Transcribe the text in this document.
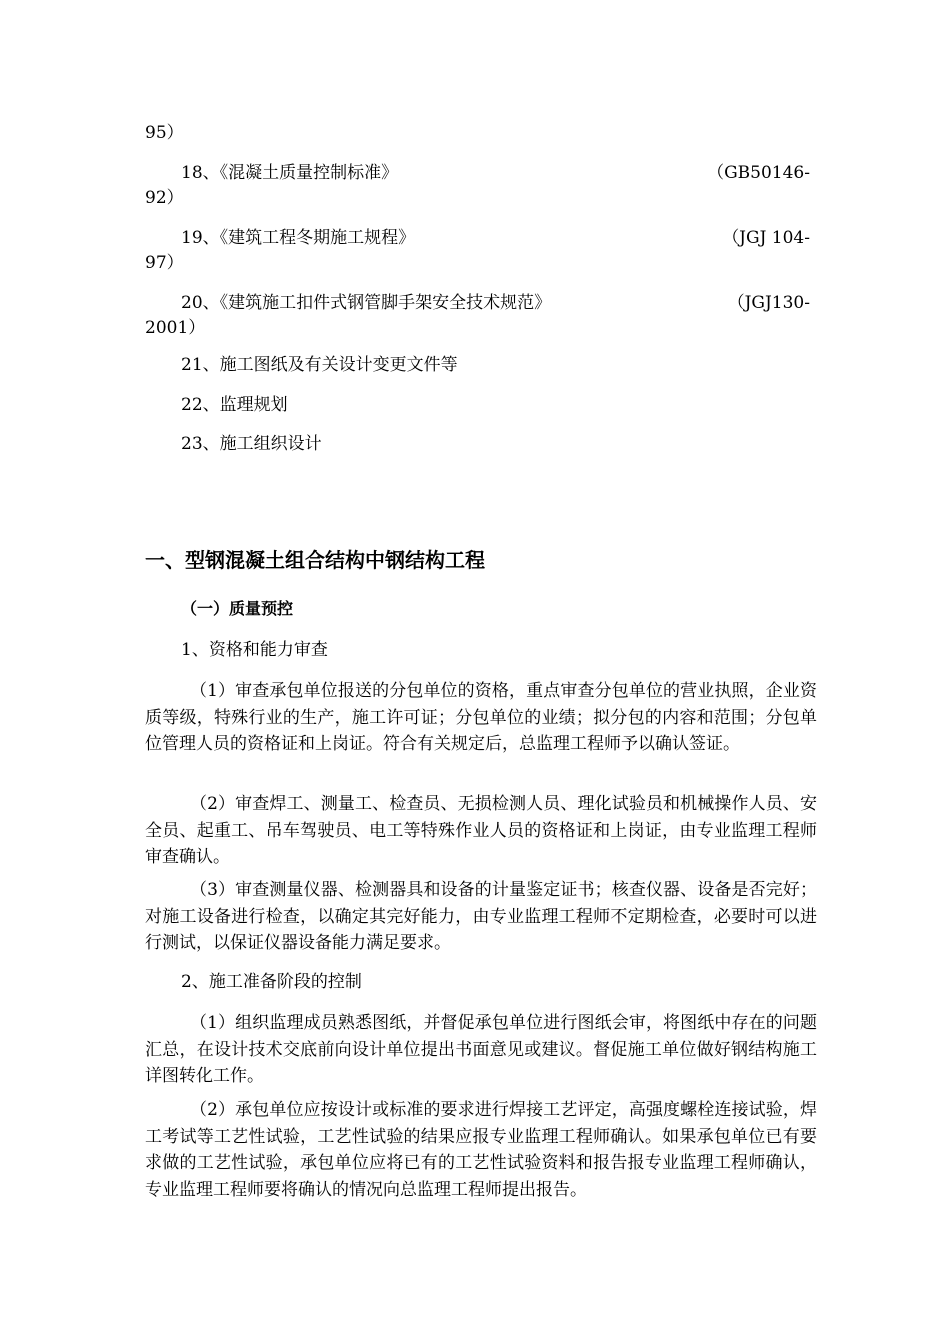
95）
18、《混凝土质量控制标准》	（GB50146-
92）
19、《建筑工程冬期施工规程》	（JGJ 104-
97）
20、《建筑施工扣件式钢管脚手架安全技术规范》	（JGJ130-
2001）
21、施工图纸及有关设计变更文件等
22、监理规划
23、施工组织设计
一、型钢混凝土组合结构中钢结构工程
（一）质量预控
1、资格和能力审查
（1）审查承包单位报送的分包单位的资格，重点审查分包单位的营业执照，企业资质等级，特殊行业的生产，施工许可证；分包单位的业绩；拟分包的内容和范围；分包单位管理人员的资格证和上岗证。符合有关规定后，总监理工程师予以确认签证。
（2）审查焊工、测量工、检查员、无损检测人员、理化试验员和机械操作人员、安全员、起重工、吊车驾驶员、电工等特殊作业人员的资格证和上岗证，由专业监理工程师审查确认。
（3）审查测量仪器、检测器具和设备的计量鉴定证书；核查仪器、设备是否完好；对施工设备进行检查，以确定其完好能力，由专业监理工程师不定期检查，必要时可以进行测试，以保证仪器设备能力满足要求。
2、施工准备阶段的控制
（1）组织监理成员熟悉图纸，并督促承包单位进行图纸会审，将图纸中存在的问题汇总，在设计技术交底前向设计单位提出书面意见或建议。督促施工单位做好钢结构施工详图转化工作。
（2）承包单位应按设计或标准的要求进行焊接工艺评定，高强度螺栓连接试验，焊工考试等工艺性试验，工艺性试验的结果应报专业监理工程师确认。如果承包单位已有要求做的工艺性试验，承包单位应将已有的工艺性试验资料和报告报专业监理工程师确认，专业监理工程师要将确认的情况向总监理工程师提出报告。
